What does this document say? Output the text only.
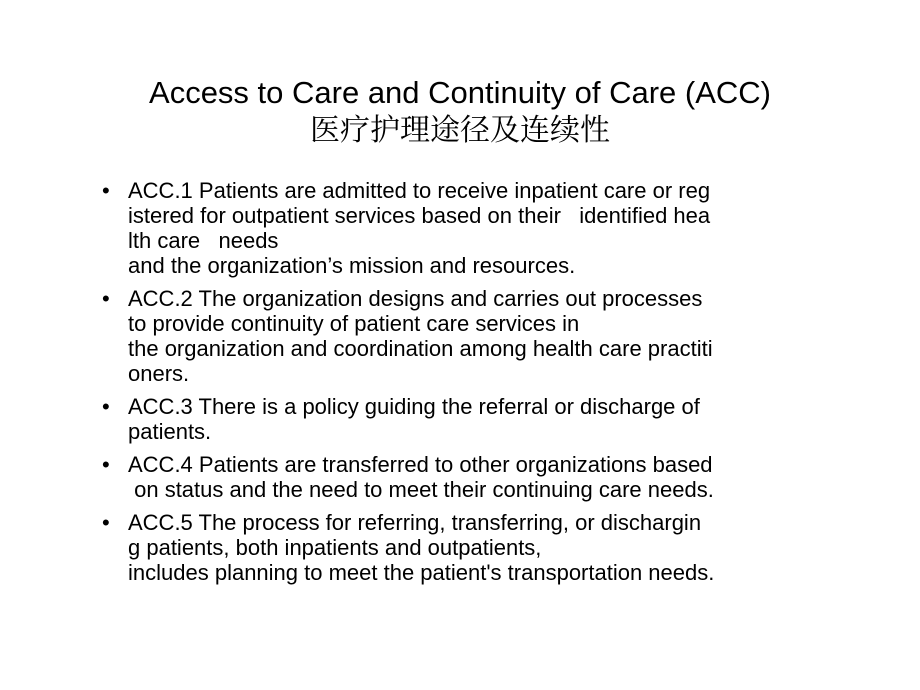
Access to Care and Continuity of Care (ACC)
医疗护理途径及连续性
• ACC.1 Patients are admitted to receive inpatient care or reg
istered for outpatient services based on their   identified hea
lth care   needs
and the organization’s mission and resources.
• ACC.2 The organization designs and carries out processes
to provide continuity of patient care services in
the organization and coordination among health care practiti
oners.
• ACC.3 There is a policy guiding the referral or discharge of
patients.
• ACC.4 Patients are transferred to other organizations based
on status and the need to meet their continuing care needs.
• ACC.5 The process for referring, transferring, or dischargin
g patients, both inpatients and outpatients,
includes planning to meet the patient's transportation needs.
